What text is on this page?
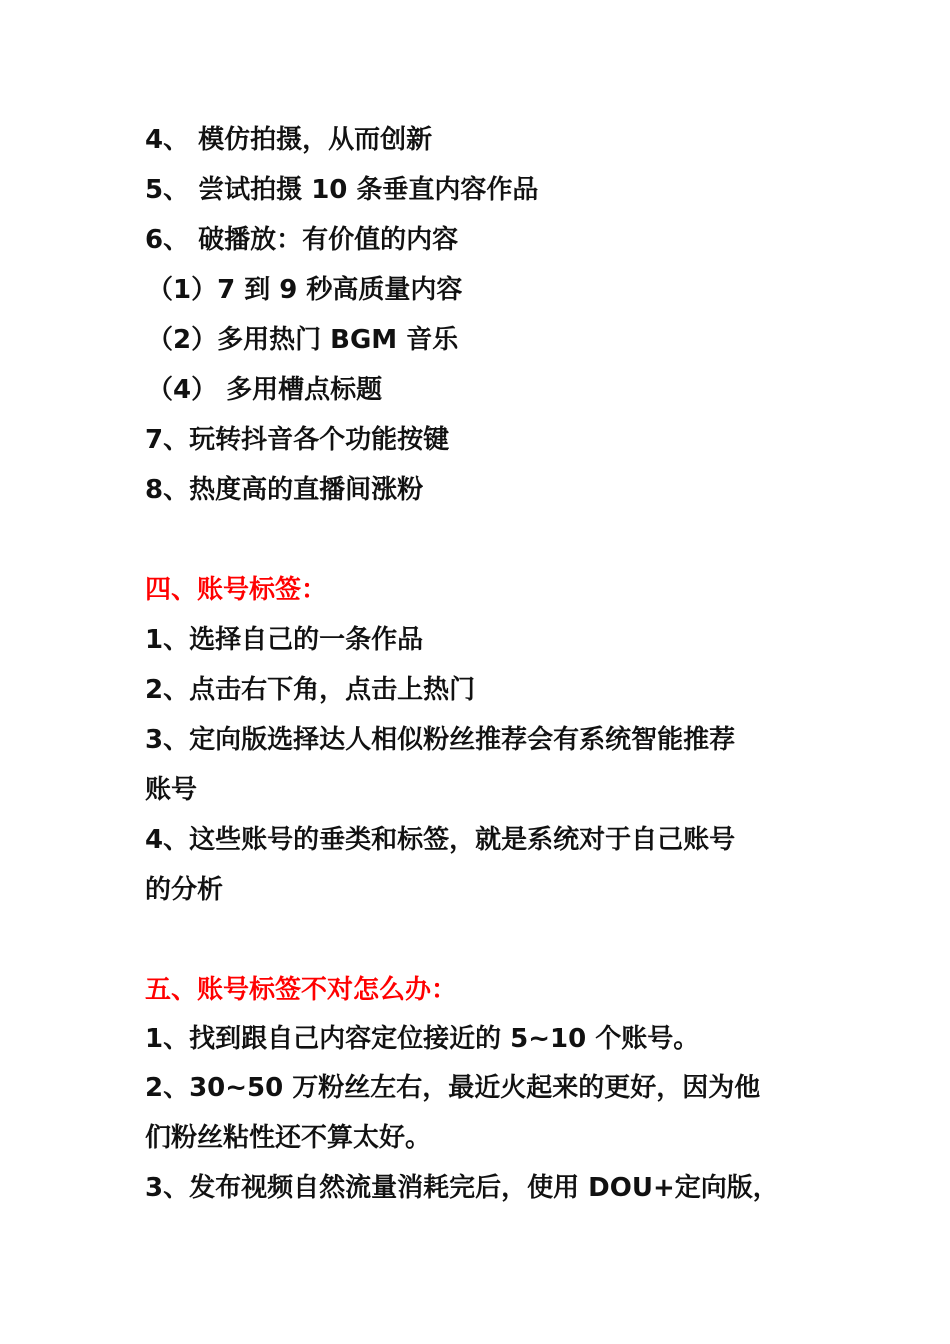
4、 模仿拍摄，从而创新
5、 尝试拍摄 10 条垂直内容作品
6、 破播放：有价值的内容
（1）7 到 9 秒高质量内容
（2）多用热门 BGM 音乐
（4） 多用槽点标题
7、玩转抖音各个功能按键
8、热度高的直播间涨粉
四、账号标签：
1、选择自己的一条作品
2、点击右下角，点击上热门
3、定向版选择达人相似粉丝推荐会有系统智能推荐
账号
4、这些账号的垂类和标签，就是系统对于自己账号
的分析
五、账号标签不对怎么办：
1、找到跟自己内容定位接近的 5~10 个账号。
2、30~50 万粉丝左右，最近火起来的更好，因为他
们粉丝粘性还不算太好。
3、发布视频自然流量消耗完后，使用 DOU+定向版，
